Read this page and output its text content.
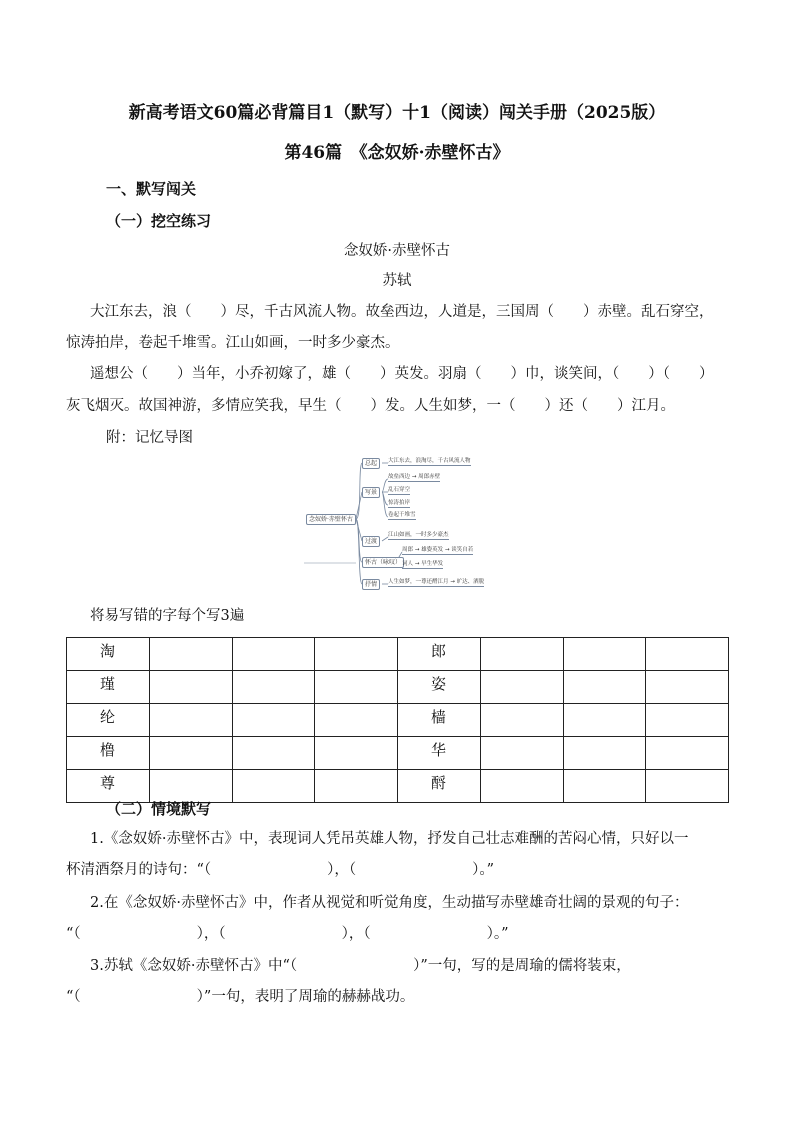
新高考语文60篇必背篇目1（默写）十1（阅读）闯关手册（2025版）
第46篇　《念奴娇·赤壁怀古》
一、默写闯关
（一）挖空练习
念奴娇·赤壁怀古
苏轼
大江东去，浪（　　）尽，千古风流人物。故垒西边，人道是，三国周（　　）赤壁。乱石穿空，
惊涛拍岸，卷起千堆雪。江山如画，一时多少豪杰。
遥想公（　　）当年，小乔初嫁了，雄（　　）英发。羽扇（　　）巾，谈笑间，（　　）（　　）
灰飞烟灭。故国神游，多情应笑我，早生（　　）发。人生如梦，一（　　）还（　　）江月。
附：记忆导图
念奴娇·赤壁怀古
总起
写景
过渡
怀古（咏叹）
抒情
大江东去，浪淘尽，千古风流人物
故垒西边 → 周郎赤壁
乱石穿空
惊涛拍岸
卷起千堆雪
江山如画，一时多少豪杰
周郎 → 雄姿英发 → 谈笑自若
词人 → 早生华发
人生如梦，一尊还酹江月 → 旷达、洒脱
将易写错的字每个写3遍
淘				郎			
瑾				姿			
纶				樯			
橹				华			
尊				酹			
（二）情境默写
1.《念奴娇·赤壁怀古》中，表现词人凭吊英雄人物，抒发自己壮志难酬的苦闷心情，只好以一
杯清酒祭月的诗句：“（　　　　　　　　），（　　　　　　　　）。”
2.在《念奴娇·赤壁怀古》中，作者从视觉和听觉角度，生动描写赤壁雄奇壮阔的景观的句子：
“（　　　　　　　　），（　　　　　　　　），（　　　　　　　　）。”
3.苏轼《念奴娇·赤壁怀古》中“（　　　　　　　　）”一句，写的是周瑜的儒将装束，
“（　　　　　　　　）”一句，表明了周瑜的赫赫战功。
